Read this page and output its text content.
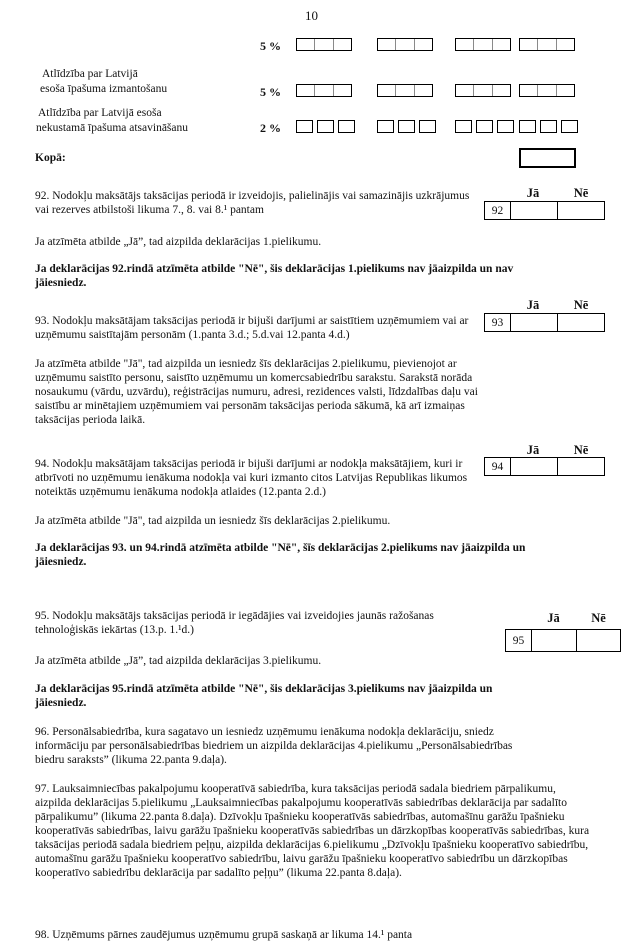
10
5 %
Atlīdzība par Latvijā
esoša īpašuma izmantošanu	5 %
Atlīdzība par Latvijā esoša
nekustamā īpašuma atsavināšanu	2 %
Kopā:
92. Nodokļu maksātājs taksācijas periodā ir izveidojis, palielinājis vai samazinājis uzkrājumus vai rezerves atbilstoši likuma 7., 8. vai 8.¹ pantam
Jā	Nē
92
Ja atzīmēta atbilde „Jā”, tad aizpilda deklarācijas 1.pielikumu.
Ja deklarācijas 92.rindā atzīmēta atbilde "Nē", šis deklarācijas 1.pielikums nav jāaizpilda un nav jāiesniedz.
Jā	Nē
93. Nodokļu maksātājam taksācijas periodā ir bijuši darījumi ar saistītiem uzņēmumiem vai ar uzņēmumu saistītajām personām (1.panta 3.d.; 5.d.vai 12.panta 4.d.)
93
Ja atzīmēta atbilde "Jā", tad aizpilda un iesniedz šīs deklarācijas 2.pielikumu, pievienojot ar uzņēmumu saistīto personu, saistīto uzņēmumu un komercsabiedrību sarakstu. Sarakstā norāda nosaukumu (vārdu, uzvārdu), reģistrācijas numuru, adresi, rezidences valsti, līdzdalības daļu vai saistību ar minētajiem uzņēmumiem vai personām taksācijas perioda sākumā, kā arī izmaiņas taksācijas perioda laikā.
Jā	Nē
94. Nodokļu maksātājam taksācijas periodā ir bijuši darījumi ar nodokļa maksātājiem, kuri ir atbrīvoti no uzņēmumu ienākuma nodokļa vai kuri izmanto citos Latvijas Republikas likumos noteiktās uzņēmumu ienākuma nodokļa atlaides (12.panta 2.d.)
94
Ja atzīmēta atbilde "Jā", tad aizpilda un iesniedz šīs deklarācijas 2.pielikumu.
Ja deklarācijas 93. un 94.rindā atzīmēta atbilde "Nē", šīs deklarācijas 2.pielikums nav jāaizpilda un jāiesniedz.
95. Nodokļu maksātājs taksācijas periodā ir iegādājies vai izveidojies jaunās ražošanas tehnoloģiskās iekārtas (13.p. 1.¹d.)
Jā	Nē
95
Ja atzīmēta atbilde „Jā”, tad aizpilda deklarācijas 3.pielikumu.
Ja deklarācijas 95.rindā atzīmēta atbilde "Nē", šis deklarācijas 3.pielikums nav jāaizpilda un jāiesniedz.
96. Personālsabiedrība, kura sagatavo un iesniedz uzņēmumu ienākuma nodokļa deklarāciju, sniedz informāciju par personālsabiedrības biedriem un aizpilda deklarācijas 4.pielikumu „Personālsabiedrības biedru saraksts” (likuma 22.panta 9.daļa).
97. Lauksaimniecības pakalpojumu kooperatīvā sabiedrība, kura taksācijas periodā sadala biedriem pārpalikumu, aizpilda deklarācijas 5.pielikumu „Lauksaimniecības pakalpojumu kooperatīvās sabiedrības deklarācija par sadalīto pārpalikumu” (likuma 22.panta 8.daļa). Dzīvokļu īpašnieku kooperatīvās sabiedrības, automašīnu garāžu īpašnieku kooperatīvās sabiedrības, laivu garāžu īpašnieku kooperatīvās sabiedrības un dārzkopības kooperatīvās sabiedrības, kura taksācijas periodā sadala biedriem peļņu, aizpilda deklarācijas 6.pielikumu „Dzīvokļu īpašnieku kooperatīvo sabiedrību, automašīnu garāžu īpašnieku kooperatīvo sabiedrību, laivu garāžu īpašnieku kooperatīvo sabiedrību un dārzkopības kooperatīvo sabiedrību deklarācija par sadalīto peļņu” (likuma 22.panta 8.daļa).
98. Uzņēmums pārnes zaudējumus uzņēmumu grupā saskaņā ar likuma 14.¹ panta
